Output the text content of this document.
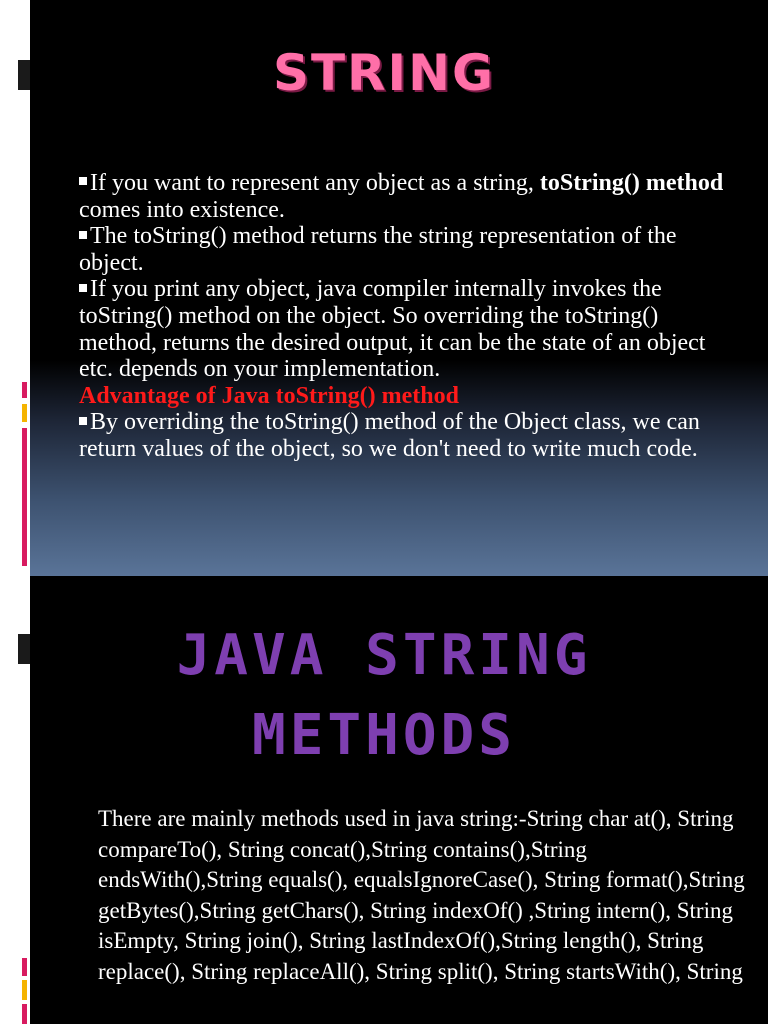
STRING
If you want to represent any object as a string, toString() method comes into existence.
The toString() method returns the string representation of the object.
If you print any object, java compiler internally invokes the toString() method on the object. So overriding the toString() method, returns the desired output, it can be the state of an object etc. depends on your implementation.
Advantage of Java toString() method
By overriding the toString() method of the Object class, we can return values of the object, so we don't need to write much code.
JAVA STRING
METHODS
There are mainly methods used in java string:-String char at(), String compareTo(), String concat(),String contains(),String endsWith(),String equals(), equalsIgnoreCase(), String format(),String getBytes(),String getChars(), String indexOf() ,String intern(), String isEmpty, String join(), String lastIndexOf(),String length(), String replace(), String replaceAll(), String split(), String startsWith(), String
